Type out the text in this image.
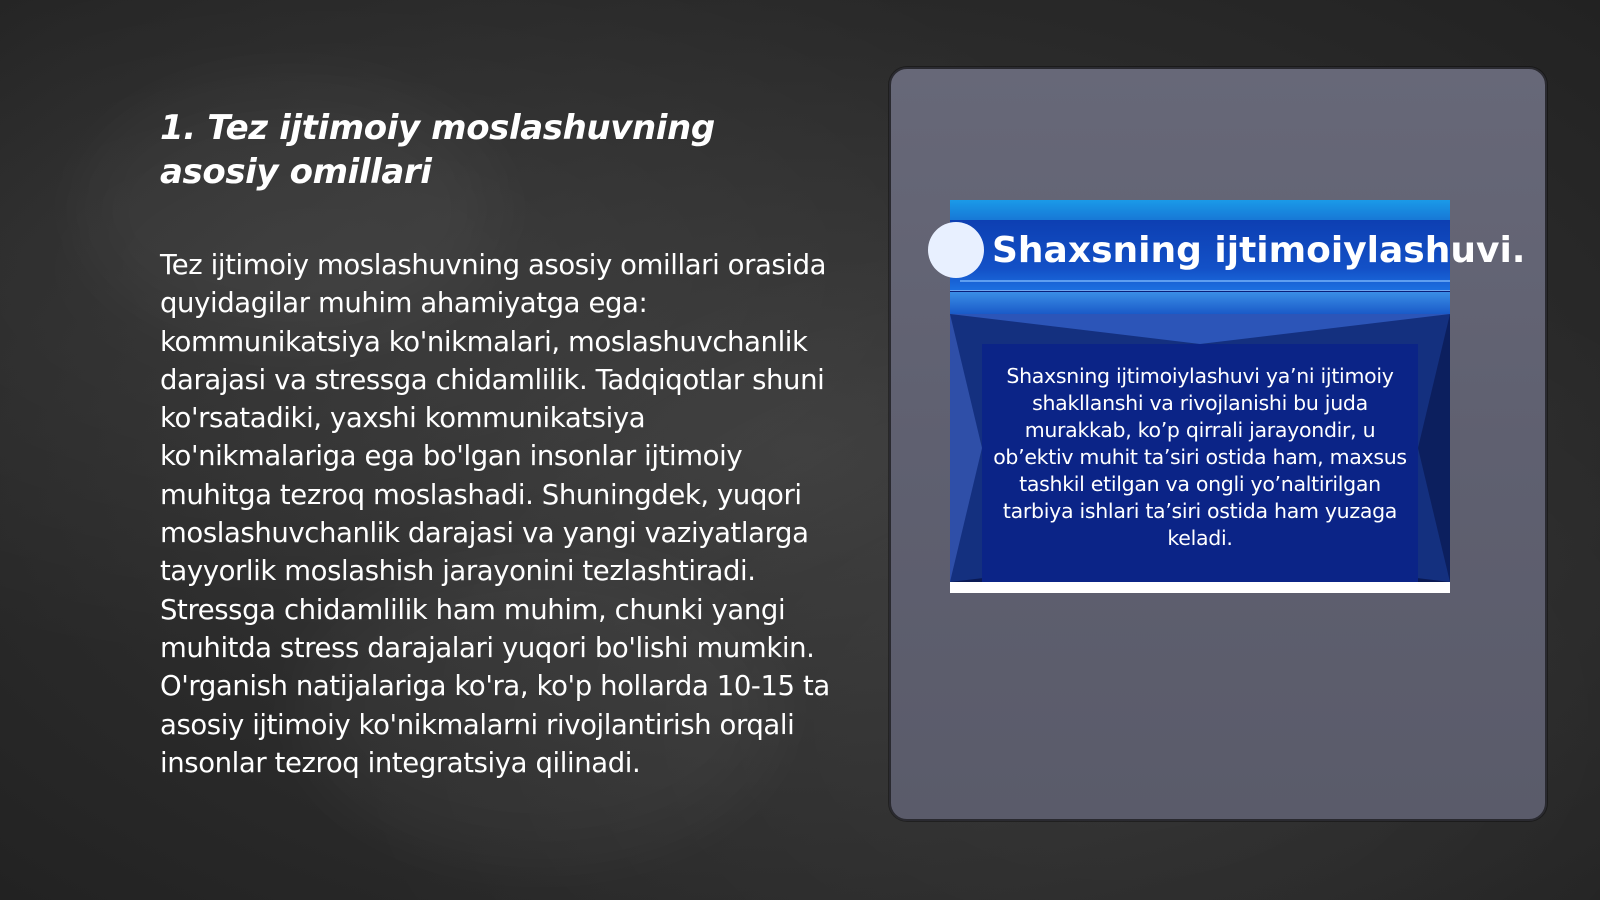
1. Tez ijtimoiy moslashuvning asosiy omillari

Tez ijtimoiy moslashuvning asosiy omillari orasida quyidagilar muhim ahamiyatga ega: kommunikatsiya ko'nikmalari, moslashuvchanlik darajasi va stressga chidamlilik. Tadqiqotlar shuni ko'rsatadiki, yaxshi kommunikatsiya ko'nikmalariga ega bo'lgan insonlar ijtimoiy muhitga tezroq moslashadi. Shuningdek, yuqori moslashuvchanlik darajasi va yangi vaziyatlarga tayyorlik moslashish jarayonini tezlashtiradi. Stressga chidamlilik ham muhim, chunki yangi muhitda stress darajalari yuqori bo'lishi mumkin. O'rganish natijalariga ko'ra, ko'p hollarda 10-15 ta asosiy ijtimoiy ko'nikmalarni rivojlantirish orqali insonlar tezroq integratsiya qilinadi.

Shaxsning ijtimoiylashuvi.

Shaxsning ijtimoiylashuvi ya’ni ijtimoiy shakllanshi va rivojlanishi bu juda murakkab, ko’p qirrali jarayondir, u ob’ektiv muhit ta’siri ostida ham, maxsus tashkil etilgan va ongli yo’naltirilgan tarbiya ishlari ta’siri ostida ham yuzaga keladi.
